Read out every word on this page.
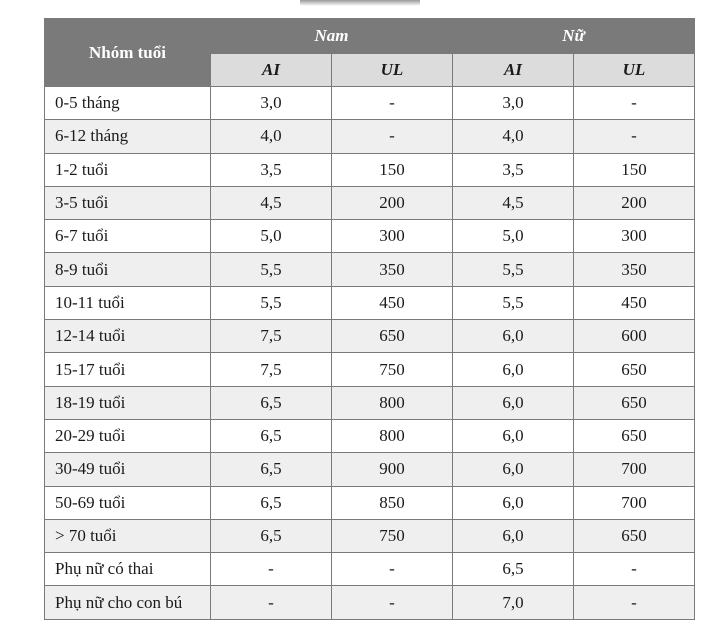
Nhóm tuổi	Nam		Nữ	
	AI	UL	AI	UL
0-5 tháng	3,0	-	3,0	-
6-12 tháng	4,0	-	4,0	-
1-2 tuổi	3,5	150	3,5	150
3-5 tuổi	4,5	200	4,5	200
6-7 tuổi	5,0	300	5,0	300
8-9 tuổi	5,5	350	5,5	350
10-11 tuổi	5,5	450	5,5	450
12-14 tuổi	7,5	650	6,0	600
15-17 tuổi	7,5	750	6,0	650
18-19 tuổi	6,5	800	6,0	650
20-29 tuổi	6,5	800	6,0	650
30-49 tuổi	6,5	900	6,0	700
50-69 tuổi	6,5	850	6,0	700
> 70 tuổi	6,5	750	6,0	650
Phụ nữ có thai	-	-	6,5	-
Phụ nữ cho con bú	-	-	7,0	-
